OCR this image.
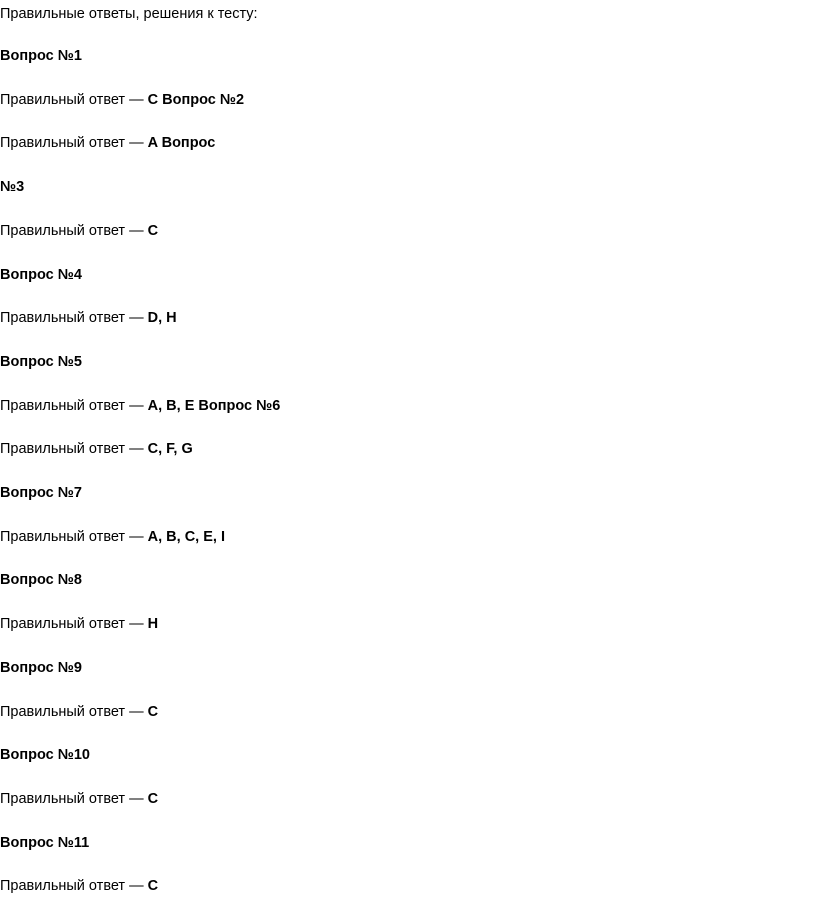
Правильные ответы, решения к тесту:
Вопрос №1
Правильный ответ — С Вопрос №2
Правильный ответ — A Вопрос
№3
Правильный ответ — C
Вопрос №4
Правильный ответ — D, H
Вопрос №5
Правильный ответ — A, B, E Вопрос №6
Правильный ответ — C, F, G
Вопрос №7
Правильный ответ — A, B, C, E, I
Вопрос №8
Правильный ответ — H
Вопрос №9
Правильный ответ — С
Вопрос №10
Правильный ответ — С
Вопрос №11
Правильный ответ — С
